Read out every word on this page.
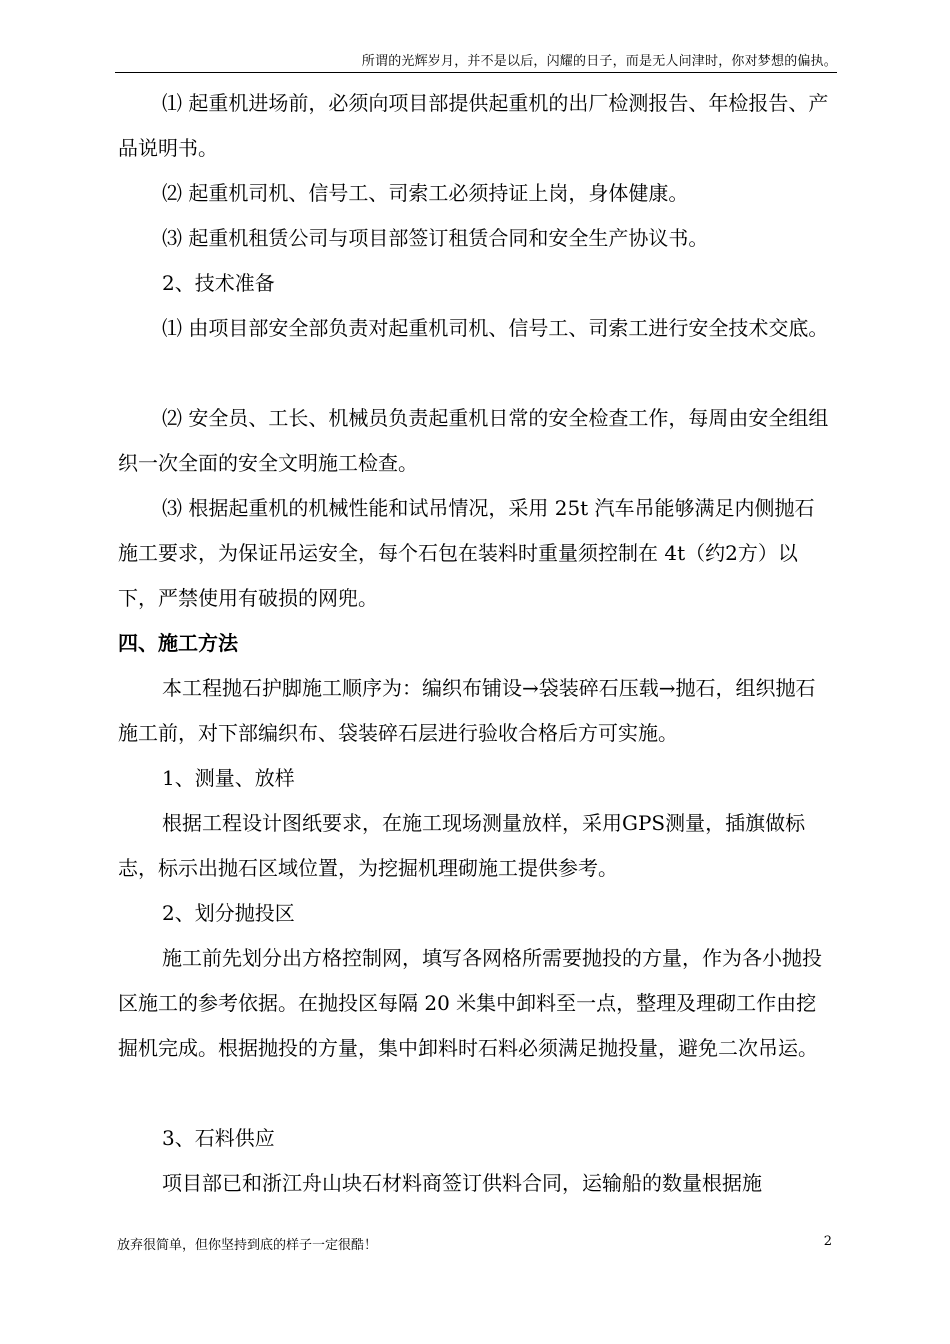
所谓的光辉岁月，并不是以后，闪耀的日子，而是无人问津时，你对梦想的偏执。

⑴ 起重机进场前，必须向项目部提供起重机的出厂检测报告、年检报告、产品说明书。

⑵ 起重机司机、信号工、司索工必须持证上岗，身体健康。

⑶ 起重机租赁公司与项目部签订租赁合同和安全生产协议书。

2、技术准备

⑴ 由项目部安全部负责对起重机司机、信号工、司索工进行安全技术交底。

⑵ 安全员、工长、机械员负责起重机日常的安全检查工作，每周由安全组组织一次全面的安全文明施工检查。

⑶ 根据起重机的机械性能和试吊情况，采用 25t 汽车吊能够满足内侧抛石施工要求，为保证吊运安全，每个石包在装料时重量须控制在 4t（约2方）以下，严禁使用有破损的网兜。

四、施工方法

本工程抛石护脚施工顺序为：编织布铺设→袋装碎石压载→抛石，组织抛石施工前，对下部编织布、袋装碎石层进行验收合格后方可实施。

1、测量、放样

根据工程设计图纸要求，在施工现场测量放样，采用GPS测量，插旗做标志，标示出抛石区域位置，为挖掘机理砌施工提供参考。

2、划分抛投区

施工前先划分出方格控制网，填写各网格所需要抛投的方量，作为各小抛投区施工的参考依据。在抛投区每隔 20 米集中卸料至一点，整理及理砌工作由挖掘机完成。根据抛投的方量，集中卸料时石料必须满足抛投量，避免二次吊运。

3、石料供应

项目部已和浙江舟山块石材料商签订供料合同，运输船的数量根据施

放弃很简单，但你坚持到底的样子一定很酷！	2
